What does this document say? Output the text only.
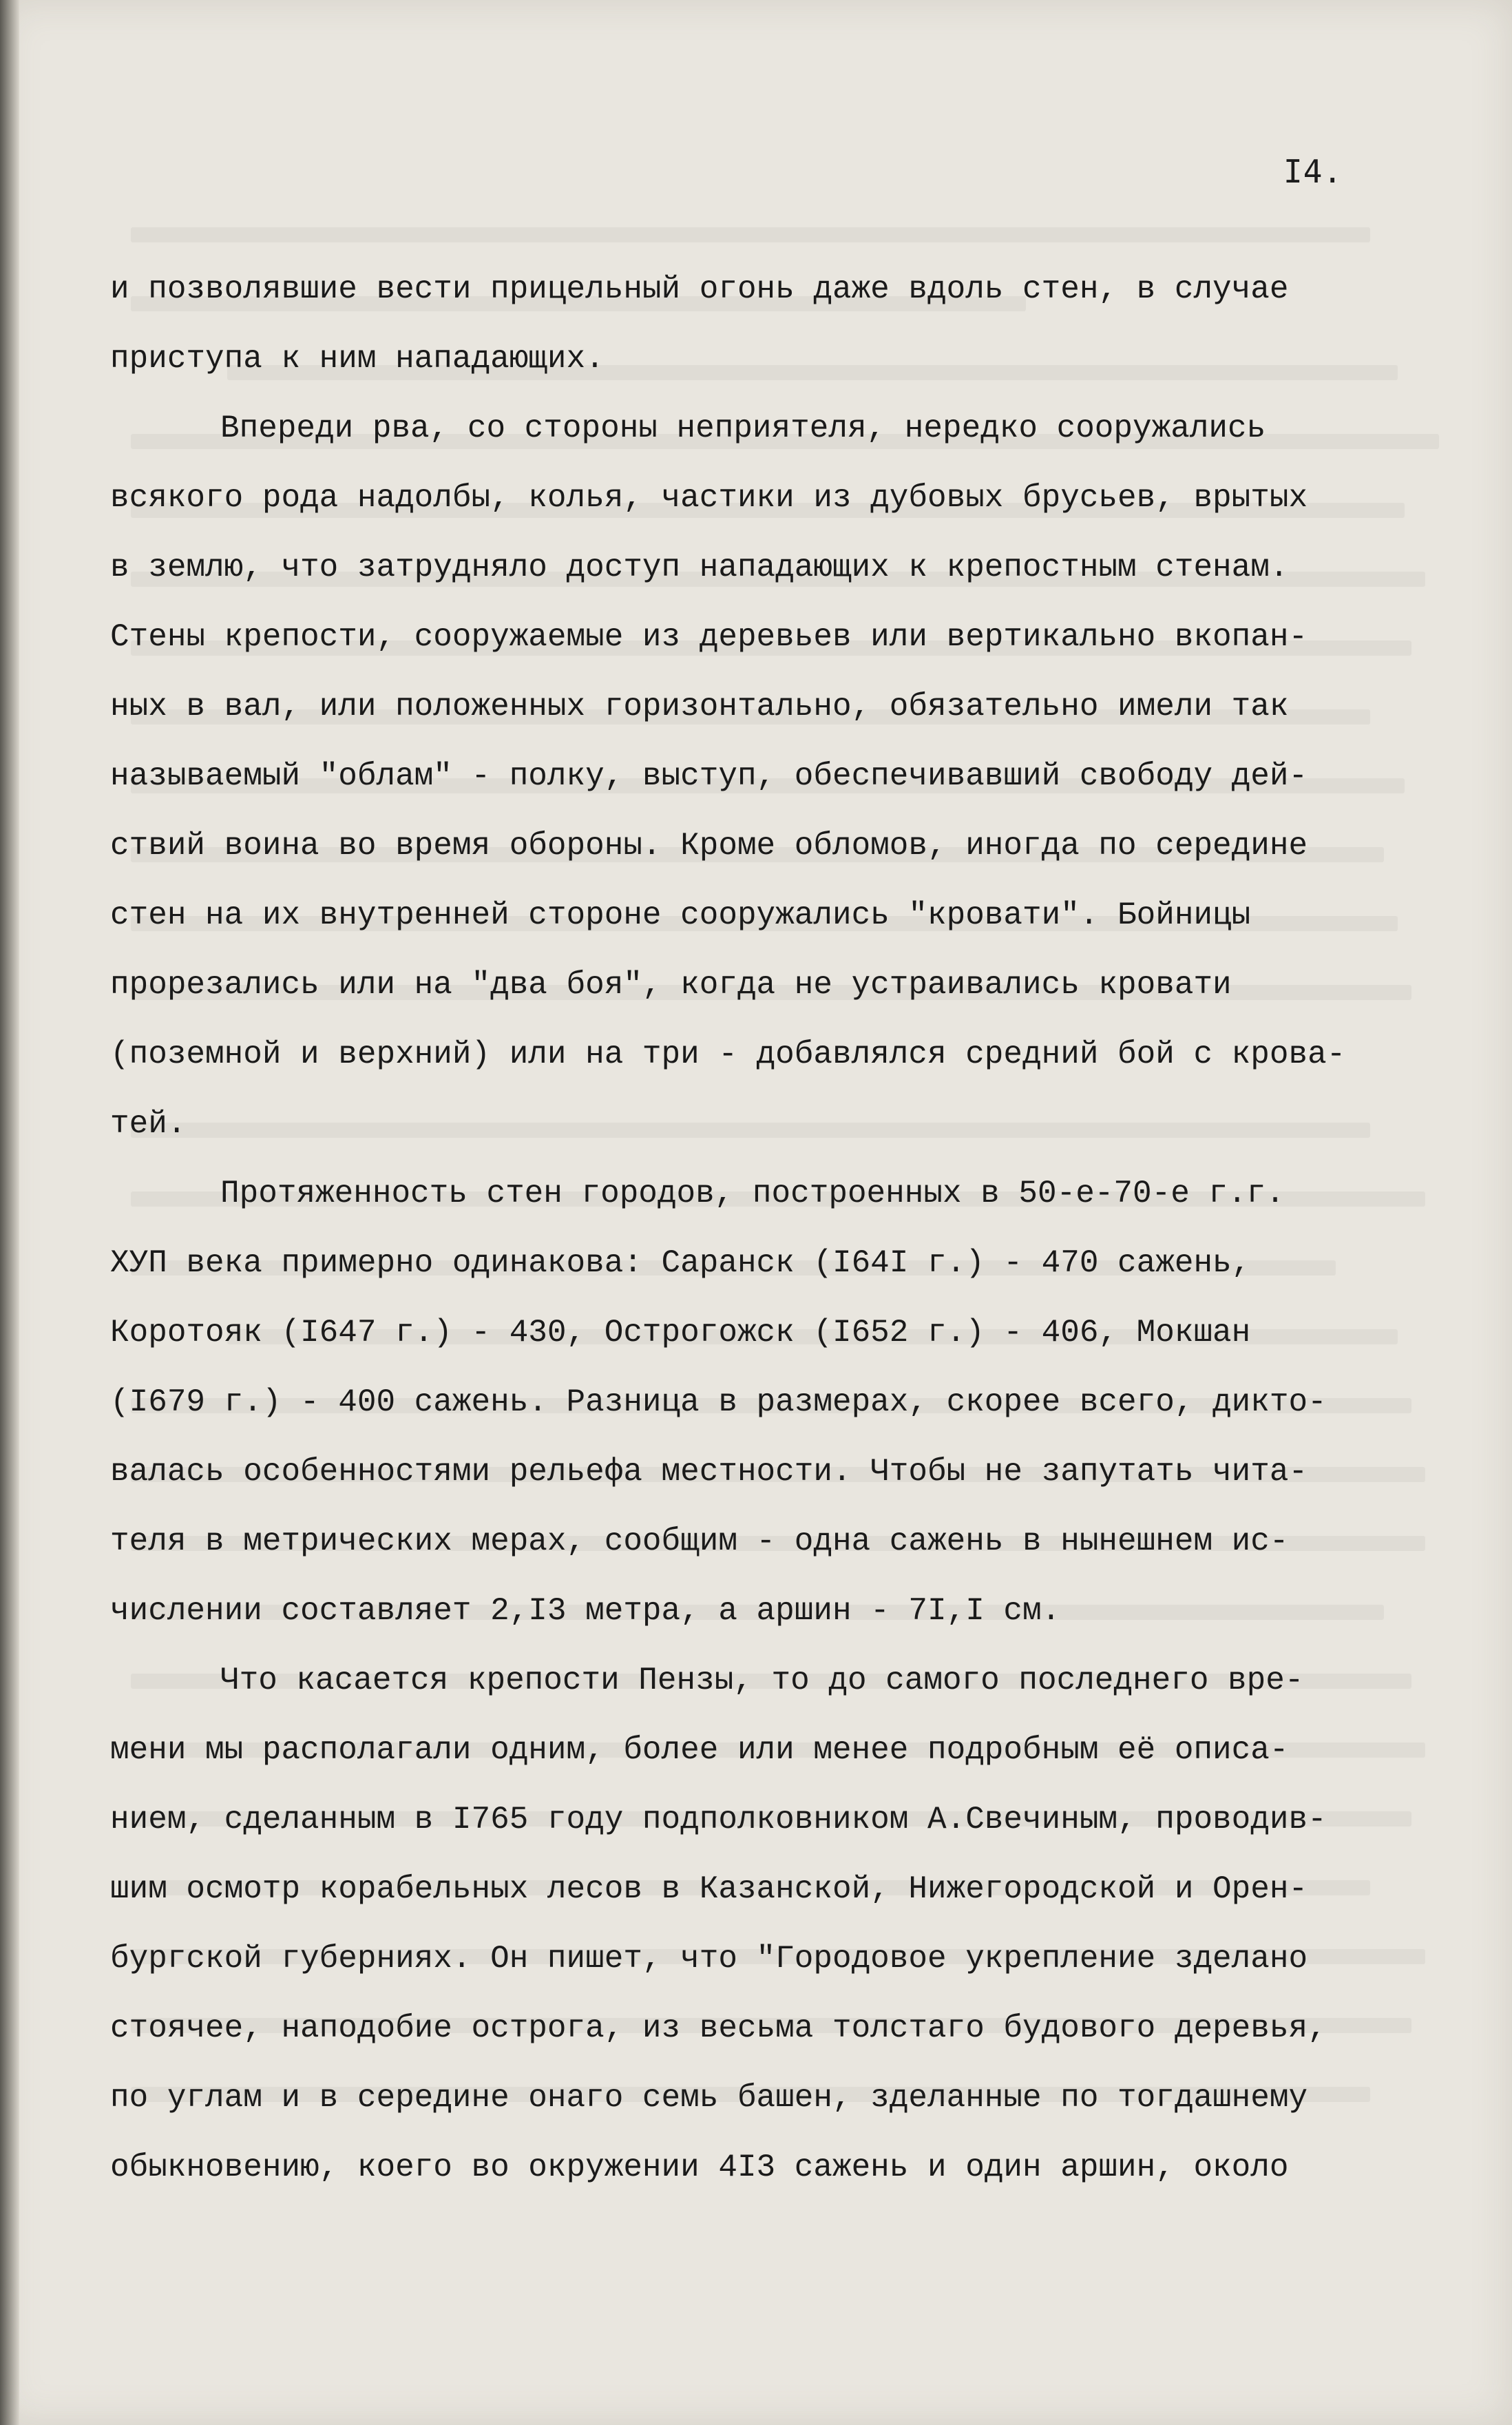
I4.
и позволявшие вести прицельный огонь даже вдоль стен, в случае
приступа к ним нападающих.
Впереди рва, со стороны неприятеля, нередко сооружались
всякого рода надолбы, колья, частики из дубовых брусьев, врытых
в землю, что затрудняло доступ нападающих к крепостным стенам.
Стены крепости, сооружаемые из деревьев или вертикально вкопан-
ных в вал, или положенных горизонтально, обязательно имели так
называемый "облам" - полку, выступ, обеспечивавший свободу дей-
ствий воина во время обороны. Кроме обломов, иногда по середине
стен на их внутренней стороне сооружались "кровати". Бойницы
прорезались или на "два боя", когда не устраивались кровати
(поземной и верхний) или на три - добавлялся средний бой с крова-
тей.
Протяженность стен городов, построенных в 50-е-70-е г.г.
ХУП века примерно одинакова: Саранск (I64I г.) - 470 сажень,
Коротояк (I647 г.) - 430, Острогожск (I652 г.) - 406, Мокшан
(I679 г.) - 400 сажень. Разница в размерах, скорее всего, дикто-
валась особенностями рельефа местности. Чтобы не запутать чита-
теля в метрических мерах, сообщим - одна сажень в нынешнем ис-
числении составляет 2,I3 метра, а аршин - 7I,I см.
Что касается крепости Пензы, то до самого последнего вре-
мени мы располагали одним, более или менее подробным её описа-
нием, сделанным в I765 году подполковником А.Свечиным, проводив-
шим осмотр корабельных лесов в Казанской, Нижегородской и Орен-
бургской губерниях. Он пишет, что "Городовое укрепление зделано
стоячее, наподобие острога, из весьма толстаго будового деревья,
по углам и в середине онаго семь башен, зделанные по тогдашнему
обыкновению, коего во окружении 4I3 сажень и один аршин, около
